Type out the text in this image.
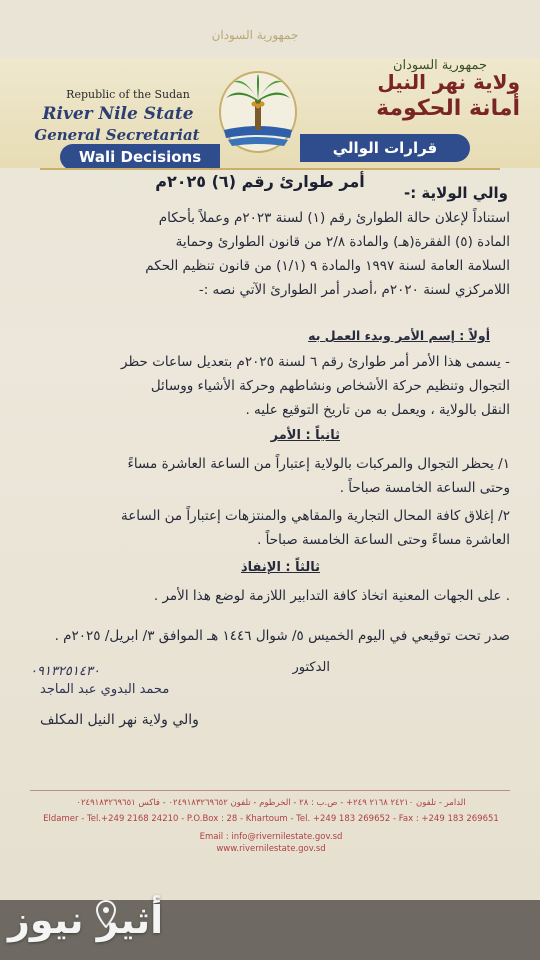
جمهورية السودان
جمهورية السودان
Republic of the Sudan
River Nile State
General Secretariat
ولاية نهر النيل
أمانة الحكومة
Wali Decisions	قرارات الوالي
أمر طوارئ رقم (٦) ٢٠٢٥م
والي الولاية :-
استناداً لإعلان حالة الطوارئ رقم (١) لسنة ٢٠٢٣م وعملاً بأحكام
المادة (٥) الفقرة(هـ) والمادة ٢/٨ من قانون الطوارئ وحماية
السلامة العامة لسنة ١٩٩٧ والمادة ٩ (١/١) من قانون تنظيم الحكم
اللامركزي لسنة ٢٠٢٠م ،أصدر أمر الطوارئ الآتي نصه :-
أولاً : إسم الأمر وبدء العمل به
- يسمى هذا الأمر أمر طوارئ رقم ٦ لسنة ٢٠٢٥م بتعديل ساعات حظر
التجوال وتنظيم حركة الأشخاص ونشاطهم وحركة الأشياء ووسائل
النقل بالولاية ، ويعمل به من تاريخ التوقيع عليه .
ثانياً : الأمر
١/ يحظر التجوال والمركبات بالولاية إعتباراً من الساعة العاشرة مساءً
وحتى الساعة الخامسة صباحاً .
٢/ إغلاق كافة المحال التجارية والمقاهي والمنتزهات إعتباراً من الساعة
العاشرة مساءً وحتى الساعة الخامسة صباحاً .
ثالثاً : الإنفاذ
. على الجهات المعنية اتخاذ كافة التدابير اللازمة لوضع هذا الأمر .
صدر تحت توقيعي في اليوم الخميس ٥/ شوال ١٤٤٦ هـ الموافق ٣/ ابريل/ ٢٠٢٥م .
الدكتور
٠٩١٣٢٥١٤٣٠
محمد البدوي عبد الماجد
والي ولاية نهر النيل المكلف
الدامر - تلفون ٢٤٢١٠ ٢١٦٨ ٢٤٩+ - ص.ب : ٢٨ - الخرطوم - تلفون ٠٢٤٩١٨٣٢٦٩٦٥٢ - فاكس ٠٢٤٩١٨٣٢٦٩٦٥١
Eldamer - Tel.+249 2168 24210 - P.O.Box : 28 - Khartoum - Tel. +249 183 269652 - Fax : +249 183 269651
Email : info@rivernilestate.gov.sd
www.rivernilestate.gov.sd
أثير نيوز
